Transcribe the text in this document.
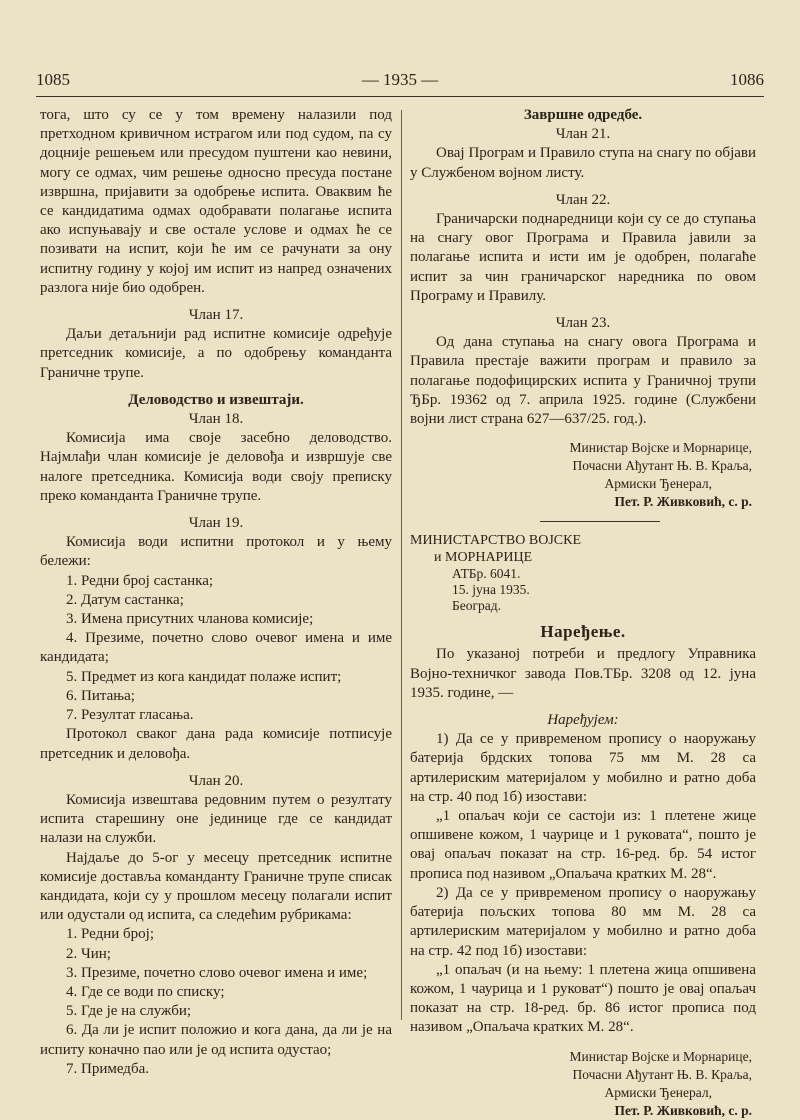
1085	— 1935 —	1086

тога, што су се у том времену налазили под претходном кривичном истрагом или под судом, па су доцније решењем или пресудом пуштени као невини, могу се одмах, чим решење односно пресуда постане извршна, пријавити за одобрење испита. Оваквим ће се кандидатима одмах одобравати полагање испита ако испуњавају и све остале услове и одмах ће се позивати на испит, који ће им се рачунати за ону испитну годину у којој им испит из напред означених разлога није био одобрен.

Члан 17.

Даљи детаљнији рад испитне комисије одређује претседник комисије, а по одобрењу команданта Граничне трупе.

Деловодство и извештаји.

Члан 18.

Комисија има своје засебно деловодство. Најмлађи члан комисије је деловођа и извршује све налоге претседника. Комисија води своју преписку преко команданта Граничне трупе.

Члан 19.

Комисија води испитни протокол и у њему бележи:

1. Редни број састанка;

2. Датум састанка;

3. Имена присутних чланова комисије;

4. Презиме, почетно слово очевог имена и име кандидата;

5. Предмет из кога кандидат полаже испит;

6. Питања;

7. Резултат гласања.

Протокол сваког дана рада комисије потписује претседник и деловођа.

Члан 20.

Комисија извештава редовним путем о резултату испита старешину оне јединице где се кандидат налази на служби.

Најдаље до 5-ог у месецу претседник испитне комисије доставља команданту Граничне трупе списак кандидата, који су у прошлом месецу полагали испит или одустали од испита, са следећим рубрикама:

1. Редни број;

2. Чин;

3. Презиме, почетно слово очевог имена и име;

4. Где се води по списку;

5. Где је на служби;

6. Да ли је испит положио и кога дана, да ли је на испиту коначно пао или је од испита одустао;

7. Примедба.

Завршне одредбе.

Члан 21.

Овај Програм и Правило ступа на снагу по објави у Службеном војном листу.

Члан 22.

Граничарски поднаредници који су се до ступања на снагу овог Програма и Правила јавили за полагање испита и исти им је одобрен, полагаће испит за чин граничарског наредника по овом Програму и Правилу.

Члан 23.

Од дана ступања на снагу овога Програма и Правила престаје важити програм и правило за полагање подофицирских испита у Граничној трупи ЂБр. 19362 од 7. априла 1925. године (Службени војни лист страна 627—637/25. год.).

Министар Војске и Морнарице,
Почасни Ађутант Њ. В. Краља,
Армиски Ђенерал,
Пет. Р. Живковић, с. р.

МИНИСТАРСТВО ВОЈСКЕ

и МОРНАРИЦЕ

АТБр. 6041.

15. јуна 1935.

Београд.

Наређење.

По указаној потреби и предлогу Управника Војно-техничког завода Пов.ТБр. 3208 од 12. јуна 1935. године, —

Наређујем:

1) Да се у привременом пропису о наоружању батерија брдских топова 75 мм М. 28 са артилериским материјалом у мобилно и ратно доба на стр. 40 под 1б) изостави:

„1 опаљач који се састоји из: 1 плетене жице опшивене кожом, 1 чаурице и 1 руковата“, пошто је овај опаљач показат на стр. 16-ред. бр. 54 истог прописа под називом „Опаљача кратких М. 28“.

2) Да се у привременом пропису о наоружању батерија пољских топова 80 мм М. 28 са артилериским материјалом у мобилно и ратно доба на стр. 42 под 1б) изостави:

„1 опаљач (и на њему: 1 плетена жица опшивена кожом, 1 чаурица и 1 руковат“) пошто је овај опаљач показат на стр. 18-ред. бр. 86 истог прописа под називом „Опаљача кратких М. 28“.

Министар Војске и Морнарице,
Почасни Ађутант Њ. В. Краља,
Армиски Ђенерал,
Пет. Р. Живковић, с. р.
